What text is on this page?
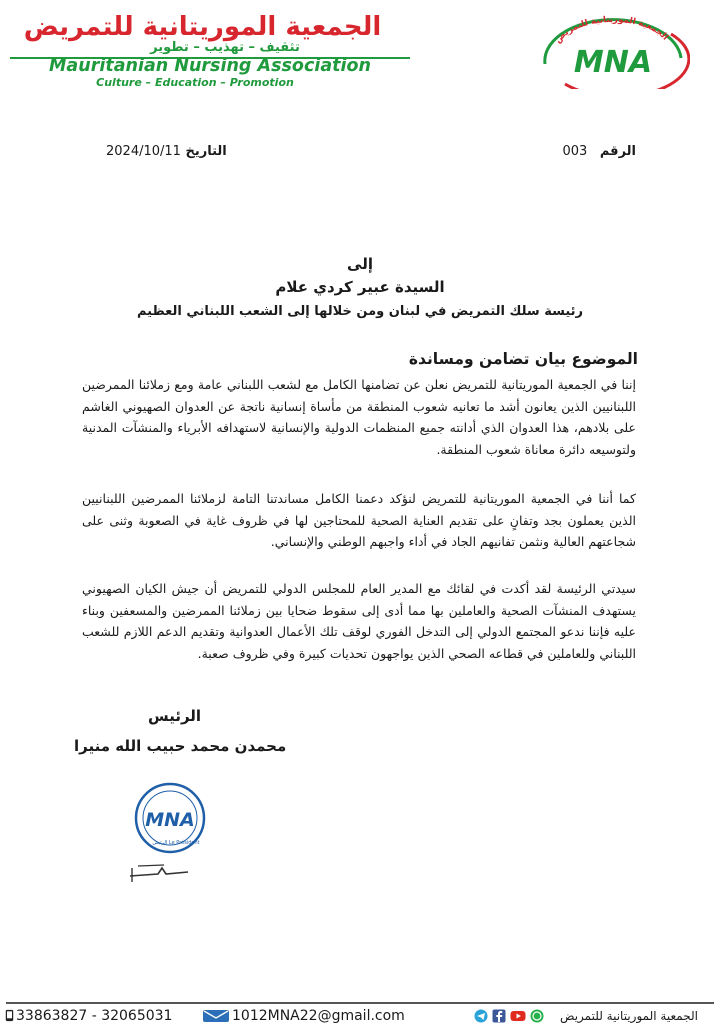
الجمعية الموريتانية للتمريض
تثقيف – تهذيب – تطوير
Mauritanian Nursing Association
Culture – Education – Promotion
الجمعية الموريتانية للتمريض
MNA
الرقم 003
التاريخ 2024/10/11
إلى
السيدة عبير كردي علام
رئيسة سلك التمريض في لبنان ومن خلالها إلى الشعب اللبناني العظيم
الموضوع بيان تضامن ومساندة

إننا في الجمعية الموريتانية للتمريض نعلن عن تضامنها الكامل مع لشعب اللبناني عامة ومع زملائنا الممرضين اللبنانيين الذين يعانون أشد ما تعانيه شعوب المنطقة من مأساة إنسانية ناتجة عن العدوان الصهيوني الغاشم على بلادهم، هذا العدوان الذي أدانته جميع المنظمات الدولية والإنسانية لاستهدافه الأبرياء والمنشآت المدنية ولتوسيعه دائرة معاناة شعوب المنطقة.

كما أننا في الجمعية الموريتانية للتمريض لنؤكد دعمنا الكامل مساندتنا التامة لزملائنا الممرضين اللبنانيين الذين يعملون بجد وتفانٍ على تقديم العناية الصحية للمحتاجين لها في ظروف غاية في الصعوبة وثنى على شجاعتهم العالية ونثمن تفانيهم الجاد في أداء واجبهم الوطني والإنساني.

سيدتي الرئيسة لقد أكدت في لقائك مع المدير العام للمجلس الدولي للتمريض أن جيش الكيان الصهيوني يستهدف المنشآت الصحية والعاملين بها مما أدى إلى سقوط ضحايا بين زملائنا الممرضين والمسعفين وبناء عليه فإننا ندعو المجتمع الدولي إلى التدخل الفوري لوقف تلك الأعمال العدوانية وتقديم الدعم اللازم للشعب اللبناني وللعاملين في قطاعه الصحي الذين يواجهون تحديات كبيرة وفي ظروف صعبة.

الرئيس
محمدن محمد حبيب الله منيرا
MNA
الرئيس Le Président
33863827 - 32065031	1012MNA22@gmail.com	الجمعية الموريتانية للتمريض
